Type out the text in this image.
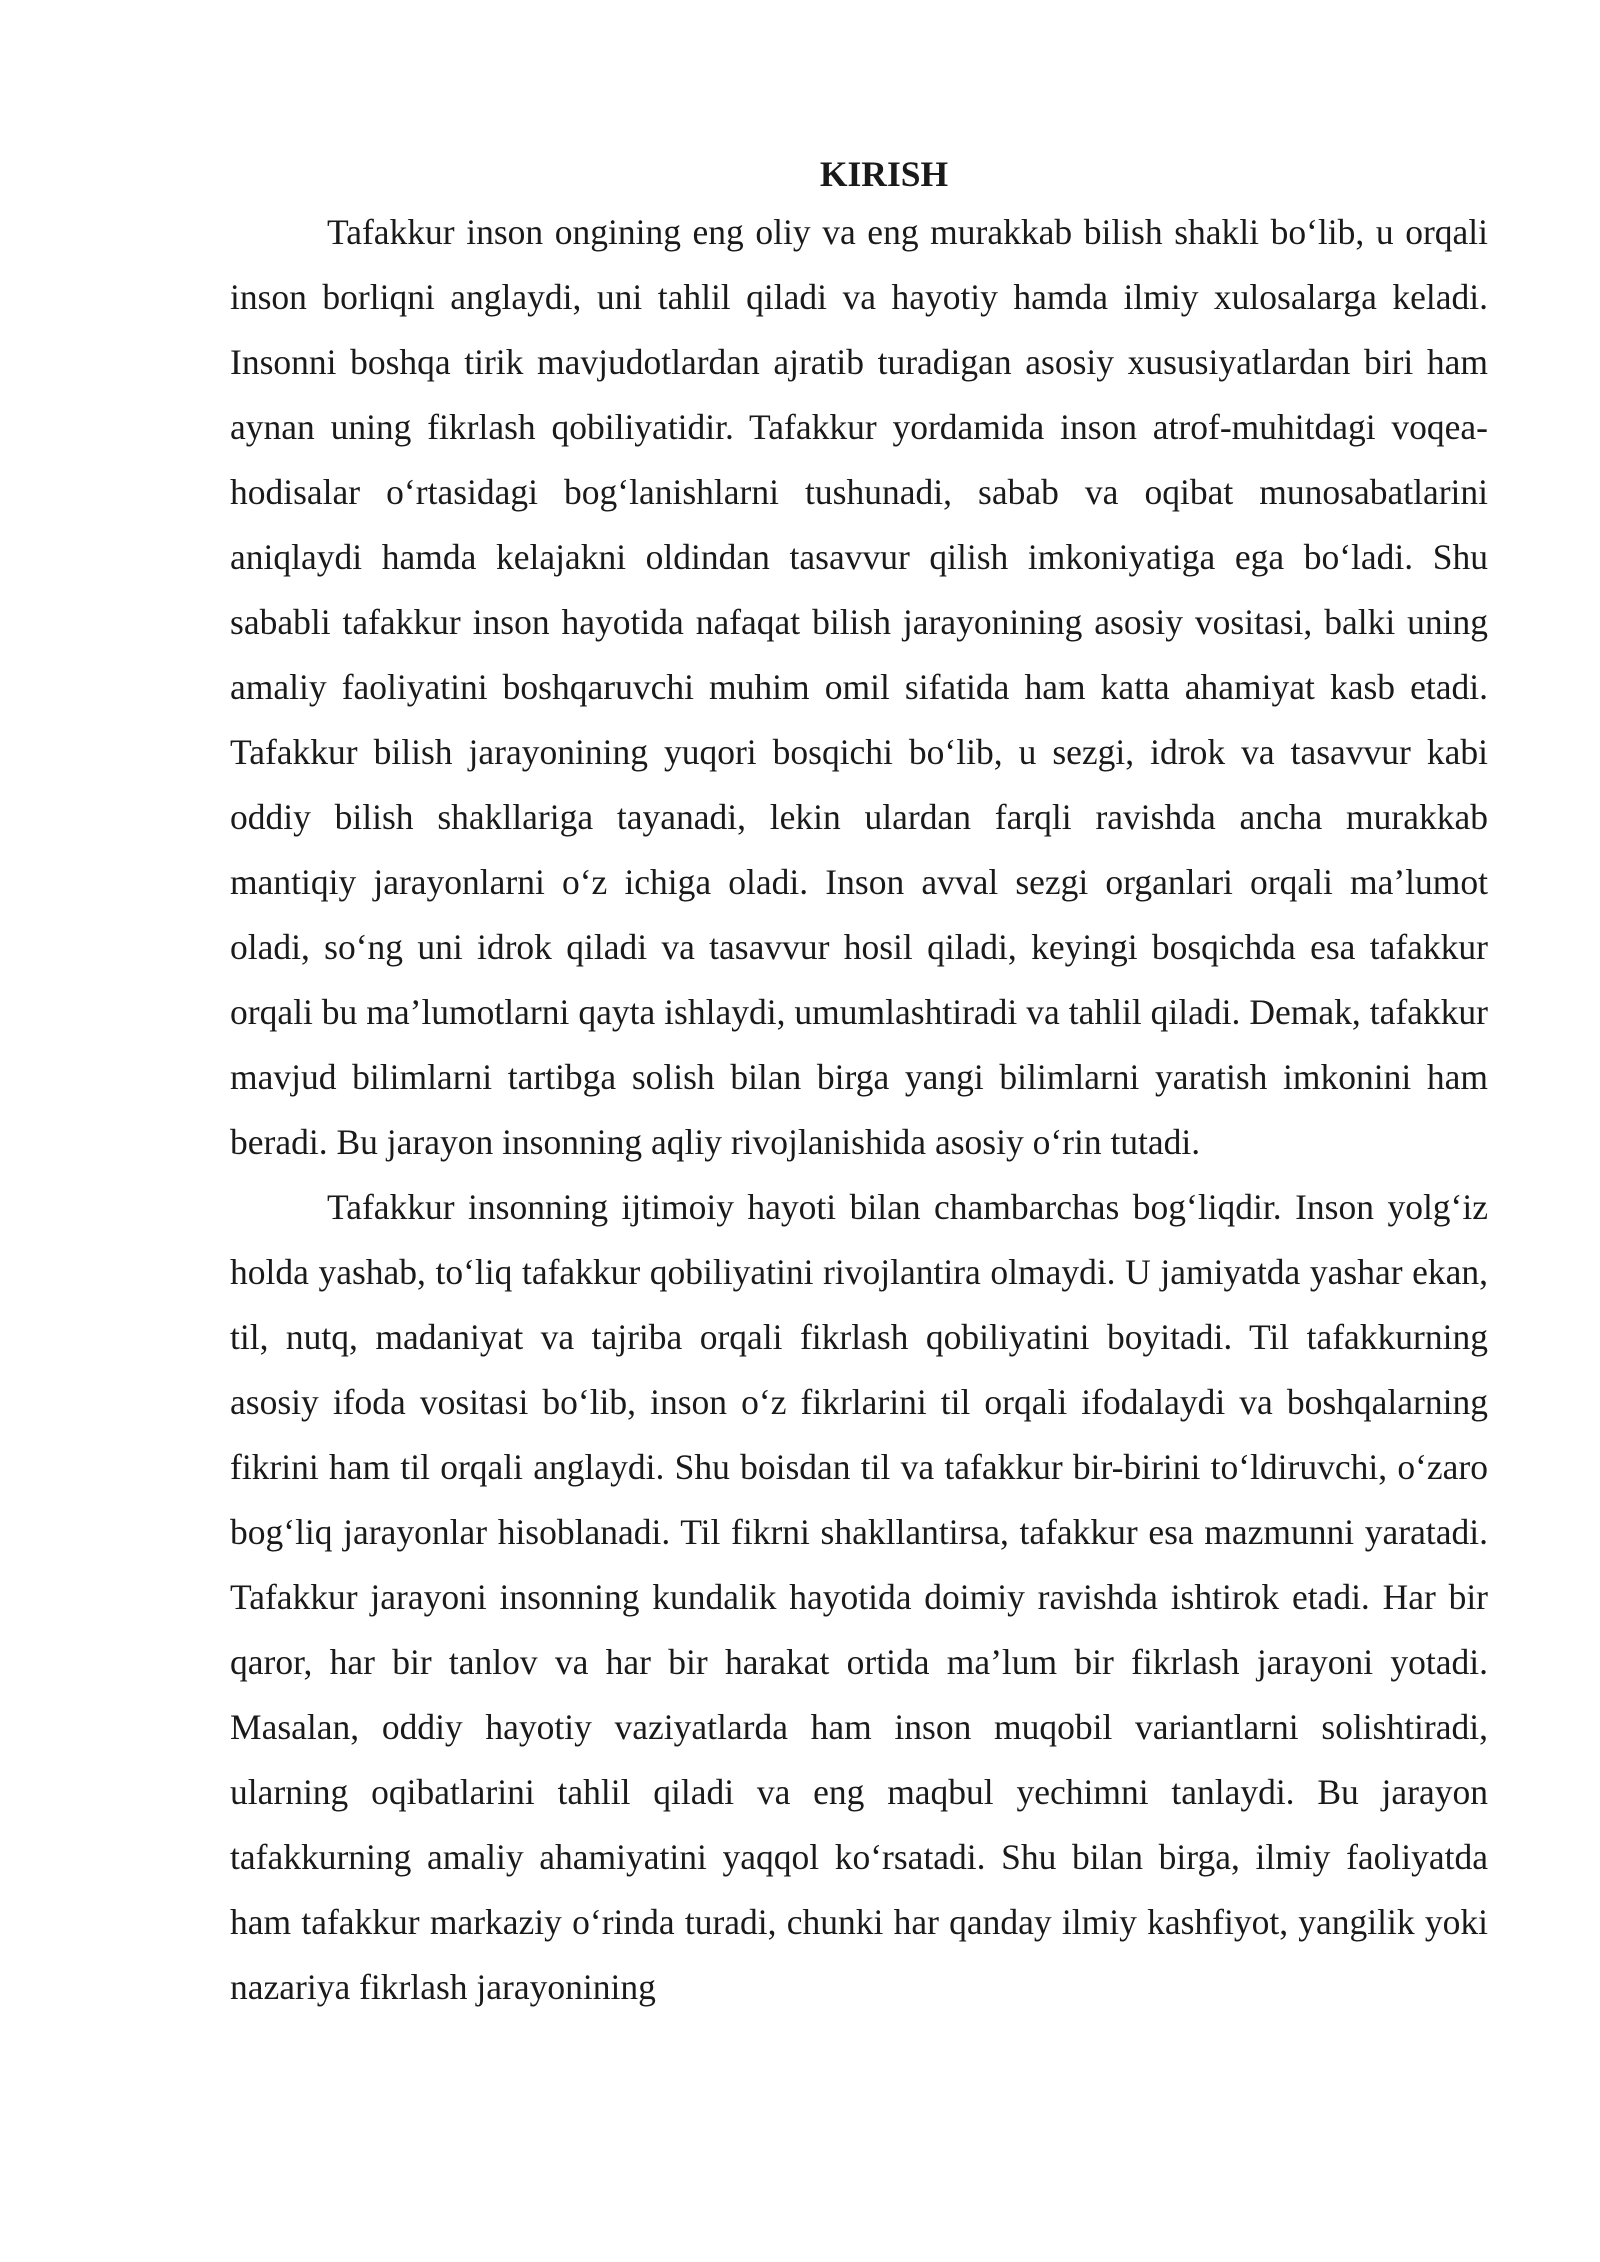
KIRISH

Tafakkur inson ongining eng oliy va eng murakkab bilish shakli bo‘lib, u orqali inson borliqni anglaydi, uni tahlil qiladi va hayotiy hamda ilmiy xulosalarga keladi. Insonni boshqa tirik mavjudotlardan ajratib turadigan asosiy xususiyatlardan biri ham aynan uning fikrlash qobiliyatidir. Tafakkur yordamida inson atrof-muhitdagi voqea-hodisalar o‘rtasidagi bog‘lanishlarni tushunadi, sabab va oqibat munosabatlarini aniqlaydi hamda kelajakni oldindan tasavvur qilish imkoniyatiga ega bo‘ladi. Shu sababli tafakkur inson hayotida nafaqat bilish jarayonining asosiy vositasi, balki uning amaliy faoliyatini boshqaruvchi muhim omil sifatida ham katta ahamiyat kasb etadi. Tafakkur bilish jarayonining yuqori bosqichi bo‘lib, u sezgi, idrok va tasavvur kabi oddiy bilish shakllariga tayanadi, lekin ulardan farqli ravishda ancha murakkab mantiqiy jarayonlarni o‘z ichiga oladi. Inson avval sezgi organlari orqali ma’lumot oladi, so‘ng uni idrok qiladi va tasavvur hosil qiladi, keyingi bosqichda esa tafakkur orqali bu ma’lumotlarni qayta ishlaydi, umumlashtiradi va tahlil qiladi. Demak, tafakkur mavjud bilimlarni tartibga solish bilan birga yangi bilimlarni yaratish imkonini ham beradi. Bu jarayon insonning aqliy rivojlanishida asosiy o‘rin tutadi.

Tafakkur insonning ijtimoiy hayoti bilan chambarchas bog‘liqdir. Inson yolg‘iz holda yashab, to‘liq tafakkur qobiliyatini rivojlantira olmaydi. U jamiyatda yashar ekan, til, nutq, madaniyat va tajriba orqali fikrlash qobiliyatini boyitadi. Til tafakkurning asosiy ifoda vositasi bo‘lib, inson o‘z fikrlarini til orqali ifodalaydi va boshqalarning fikrini ham til orqali anglaydi. Shu boisdan til va tafakkur bir-birini to‘ldiruvchi, o‘zaro bog‘liq jarayonlar hisoblanadi. Til fikrni shakllantirsa, tafakkur esa mazmunni yaratadi. Tafakkur jarayoni insonning kundalik hayotida doimiy ravishda ishtirok etadi. Har bir qaror, har bir tanlov va har bir harakat ortida ma’lum bir fikrlash jarayoni yotadi. Masalan, oddiy hayotiy vaziyatlarda ham inson muqobil variantlarni solishtiradi, ularning oqibatlarini tahlil qiladi va eng maqbul yechimni tanlaydi. Bu jarayon tafakkurning amaliy ahamiyatini yaqqol ko‘rsatadi. Shu bilan birga, ilmiy faoliyatda ham tafakkur markaziy o‘rinda turadi, chunki har qanday ilmiy kashfiyot, yangilik yoki nazariya fikrlash jarayonining
